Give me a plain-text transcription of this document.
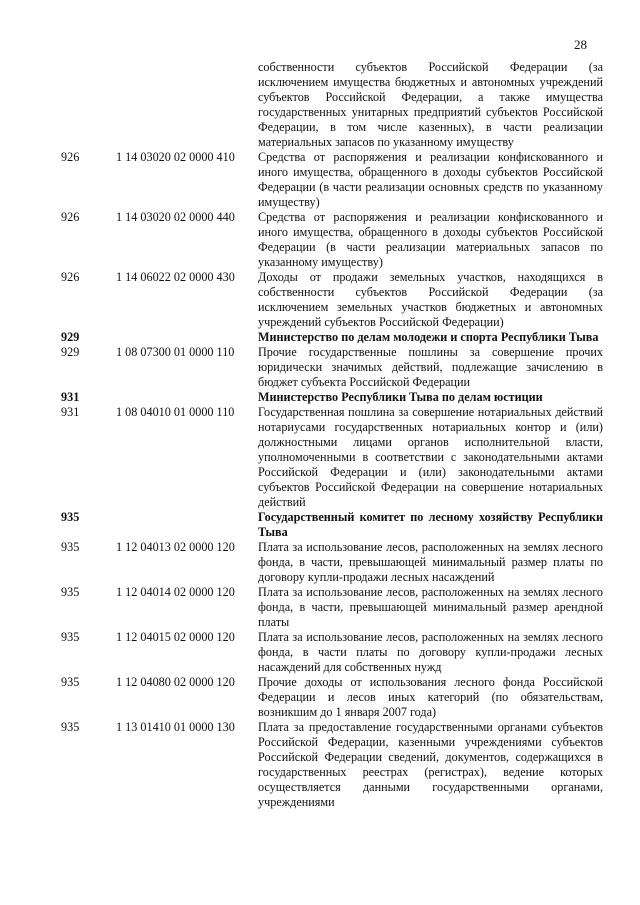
28
собственности субъектов Российской Федерации (за исключением имущества бюджетных и автономных учреждений субъектов Российской Федерации, а также имущества государственных унитарных предприятий субъектов Российской Федерации, в том числе казенных), в части реализации материальных запасов по указанному имуществу
926	1 14 03020 02 0000 410 Средства от распоряжения и реализации конфискованного и иного имущества, обращенного в доходы субъектов Российской Федерации (в части реализации основных средств по указанному имуществу)
926	1 14 03020 02 0000 440 Средства от распоряжения и реализации конфискованного и иного имущества, обращенного в доходы субъектов Российской Федерации (в части реализации материальных запасов по указанному имуществу)
926	1 14 06022 02 0000 430 Доходы от продажи земельных участков, находящихся в собственности субъектов Российской Федерации (за исключением земельных участков бюджетных и автономных учреждений субъектов Российской Федерации)
929	Министерство по делам молодежи и спорта Республики Тыва
929	1 08 07300 01 0000 110 Прочие государственные пошлины за совершение прочих юридически значимых действий, подлежащие зачислению в бюджет субъекта Российской Федерации
931	Министерство Республики Тыва по делам юстиции
931	1 08 04010 01 0000 110 Государственная пошлина за совершение нотариальных действий нотариусами государственных нотариальных контор и (или) должностными лицами органов исполнительной власти, уполномоченными в соответствии с законодательными актами Российской Федерации и (или) законодательными актами субъектов Российской Федерации на совершение нотариальных действий
935	Государственный комитет по лесному хозяйству Республики Тыва
935	1 12 04013 02 0000 120 Плата за использование лесов, расположенных на землях лесного фонда, в части, превышающей минимальный размер платы по договору купли-продажи лесных насаждений
935	1 12 04014 02 0000 120 Плата за использование лесов, расположенных на землях лесного фонда, в части, превышающей минимальный размер арендной платы
935	1 12 04015 02 0000 120 Плата за использование лесов, расположенных на землях лесного фонда, в части платы по договору купли-продажи лесных насаждений для собственных нужд
935	1 12 04080 02 0000 120 Прочие доходы от использования лесного фонда Российской Федерации и лесов иных категорий (по обязательствам, возникшим до 1 января 2007 года)
935	1 13 01410 01 0000 130 Плата за предоставление государственными органами субъектов Российской Федерации, казенными учреждениями субъектов Российской Федерации сведений, документов, содержащихся в государственных реестрах (регистрах), ведение которых осуществляется данными государственными органами, учреждениями
